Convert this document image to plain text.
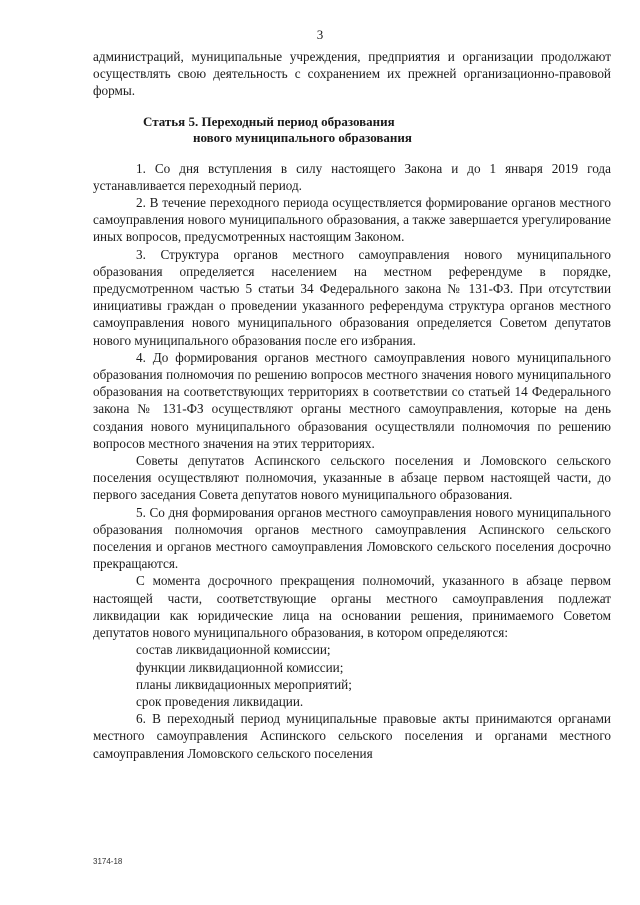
3

администраций, муниципальные учреждения, предприятия и организации продолжают осуществлять свою деятельность с сохранением их прежней организационно-правовой формы.

Статья 5. Переходный период образования
нового муниципального образования

1. Со дня вступления в силу настоящего Закона и до 1 января 2019 года устанавливается переходный период.

2. В течение переходного периода осуществляется формирование органов местного самоуправления нового муниципального образования, а также завершается урегулирование иных вопросов, предусмотренных настоящим Законом.

3. Структура органов местного самоуправления нового муниципального образования определяется населением на местном референдуме в порядке, предусмотренном частью 5 статьи 34 Федерального закона № 131-ФЗ. При отсутствии инициативы граждан о проведении указанного референдума структура органов местного самоуправления нового муниципального образования определяется Советом депутатов нового муниципального образования после его избрания.

4. До формирования органов местного самоуправления нового муниципального образования полномочия по решению вопросов местного значения нового муниципального образования на соответствующих территориях в соответствии со статьей 14 Федерального закона № 131-ФЗ осуществляют органы местного самоуправления, которые на день создания нового муниципального образования осуществляли полномочия по решению вопросов местного значения на этих территориях.

Советы депутатов Аспинского сельского поселения и Ломовского сельского поселения осуществляют полномочия, указанные в абзаце первом настоящей части, до первого заседания Совета депутатов нового муниципального образования.

5. Со дня формирования органов местного самоуправления нового муниципального образования полномочия органов местного самоуправления Аспинского сельского поселения и органов местного самоуправления Ломовского сельского поселения досрочно прекращаются.

С момента досрочного прекращения полномочий, указанного в абзаце первом настоящей части, соответствующие органы местного самоуправления подлежат ликвидации как юридические лица на основании решения, принимаемого Советом депутатов нового муниципального образования, в котором определяются:

состав ликвидационной комиссии;

функции ликвидационной комиссии;

планы ликвидационных мероприятий;

срок проведения ликвидации.

6. В переходный период муниципальные правовые акты принимаются органами местного самоуправления Аспинского сельского поселения и органами местного самоуправления Ломовского сельского поселения

3174-18
